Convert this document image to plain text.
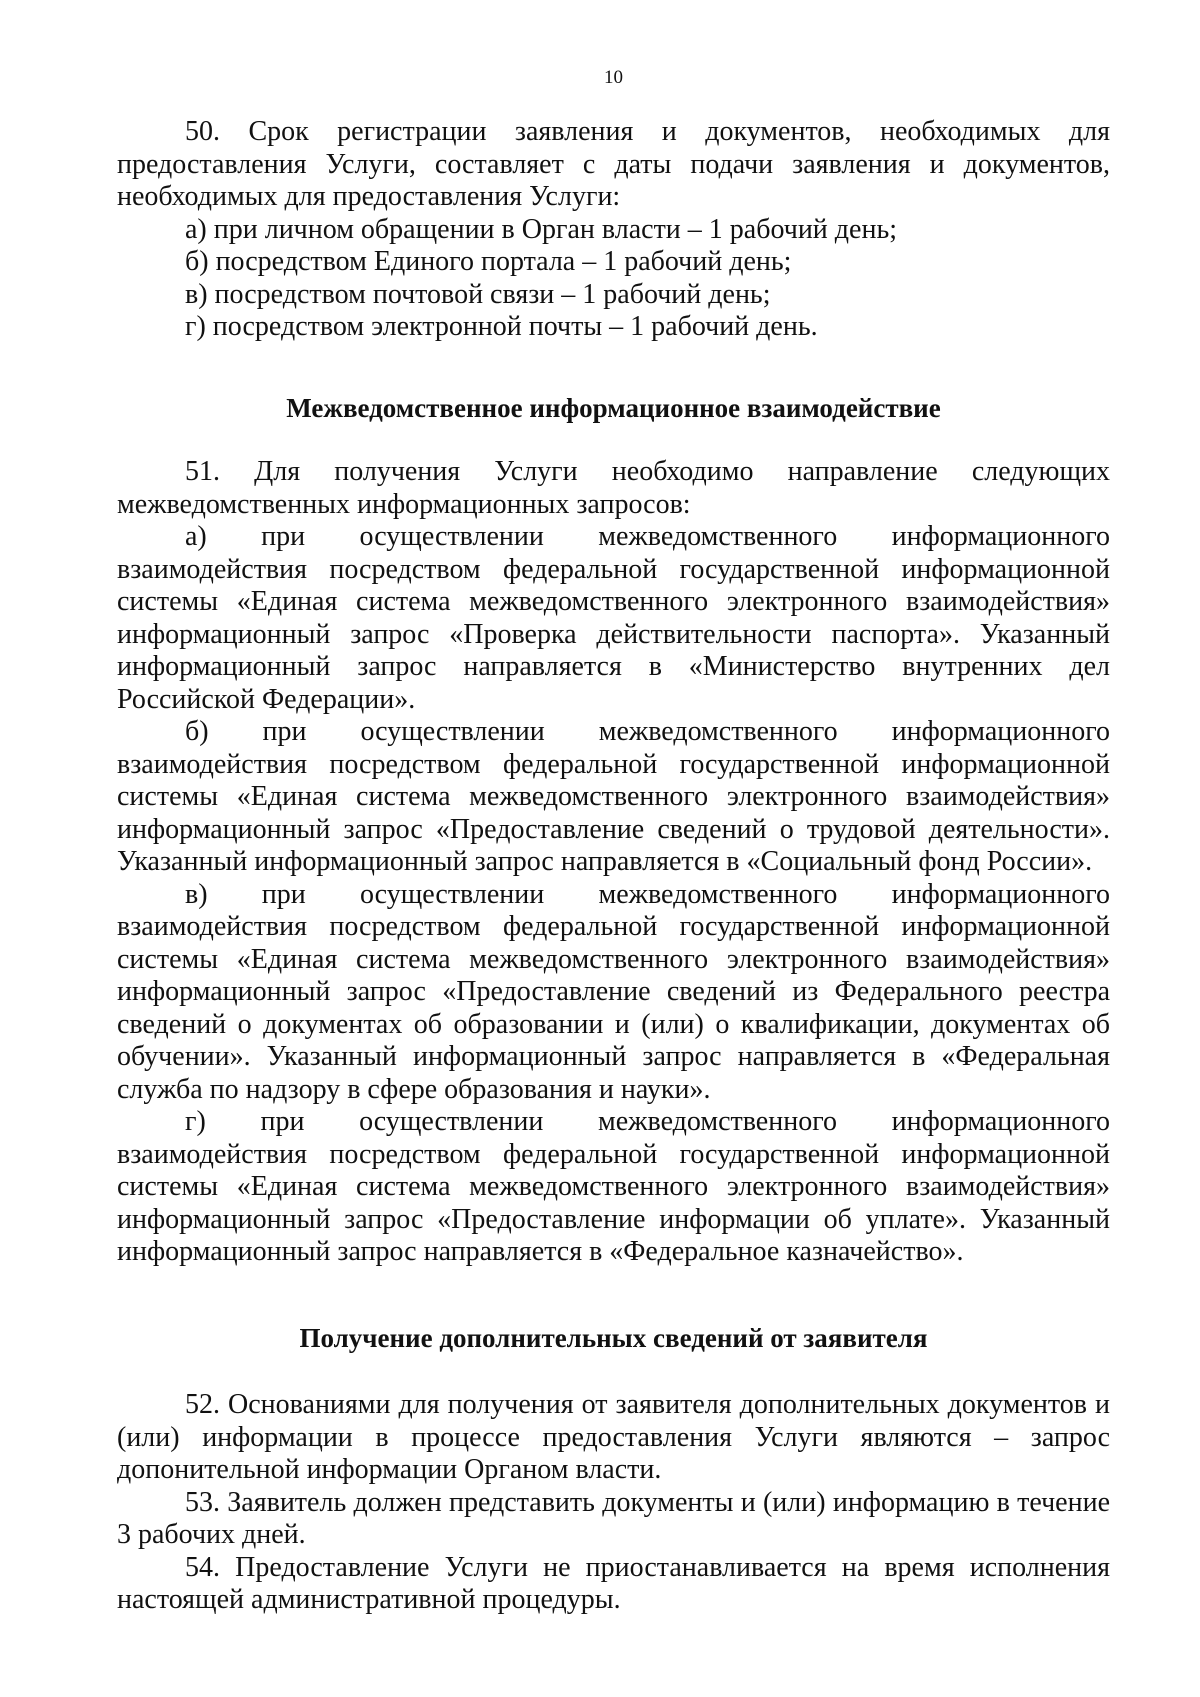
10

50. Срок регистрации заявления и документов, необходимых для предоставления Услуги, составляет с даты подачи заявления и документов, необходимых для предоставления Услуги:

а) при личном обращении в Орган власти – 1 рабочий день;

б) посредством Единого портала – 1 рабочий день;

в) посредством почтовой связи – 1 рабочий день;

г) посредством электронной почты – 1 рабочий день.

Межведомственное информационное взаимодействие

51. Для получения Услуги необходимо направление следующих межведомственных информационных запросов:

а) при осуществлении межведомственного информационного взаимодействия посредством федеральной государственной информационной системы «Единая система межведомственного электронного взаимодействия» информационный запрос «Проверка действительности паспорта». Указанный информационный запрос направляется в «Министерство внутренних дел Российской Федерации».

б) при осуществлении межведомственного информационного взаимодействия посредством федеральной государственной информационной системы «Единая система межведомственного электронного взаимодействия» информационный запрос «Предоставление сведений о трудовой деятельности». Указанный информационный запрос направляется в «Социальный фонд России».

в) при осуществлении межведомственного информационного взаимодействия посредством федеральной государственной информационной системы «Единая система межведомственного электронного взаимодействия» информационный запрос «Предоставление сведений из Федерального реестра сведений о документах об образовании и (или) о квалификации, документах об обучении». Указанный информационный запрос направляется в «Федеральная служба по надзору в сфере образования и науки».

г) при осуществлении межведомственного информационного взаимодействия посредством федеральной государственной информационной системы «Единая система межведомственного электронного взаимодействия» информационный запрос «Предоставление информации об уплате». Указанный информационный запрос направляется в «Федеральное казначейство».

Получение дополнительных сведений от заявителя

52. Основаниями для получения от заявителя дополнительных документов и (или) информации в процессе предоставления Услуги являются – запрос допонительной информации Органом власти.

53. Заявитель должен представить документы и (или) информацию в течение 3 рабочих дней.

54. Предоставление Услуги не приостанавливается на время исполнения настоящей административной процедуры.
